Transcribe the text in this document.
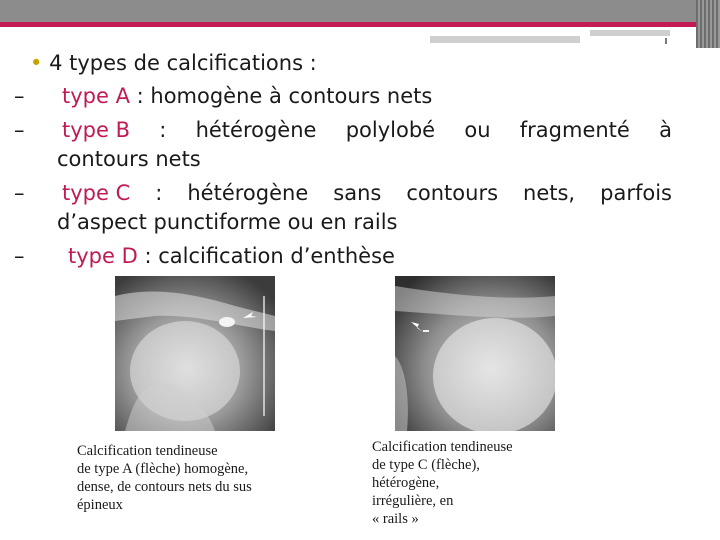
• 4 types de calcifications :
– type A : homogène à contours nets
– type B : hétérogène polylobé ou fragmenté à
contours nets
– type C : hétérogène sans contours nets, parfois
d’aspect punctiforme ou en rails
– type D : calcification d’enthèse
Calcification tendineuse
de type A (flèche) homogène,
dense, de contours nets du sus
épineux
Calcification tendineuse
de type C (flèche),
hétérogène,
irrégulière, en
« rails »
